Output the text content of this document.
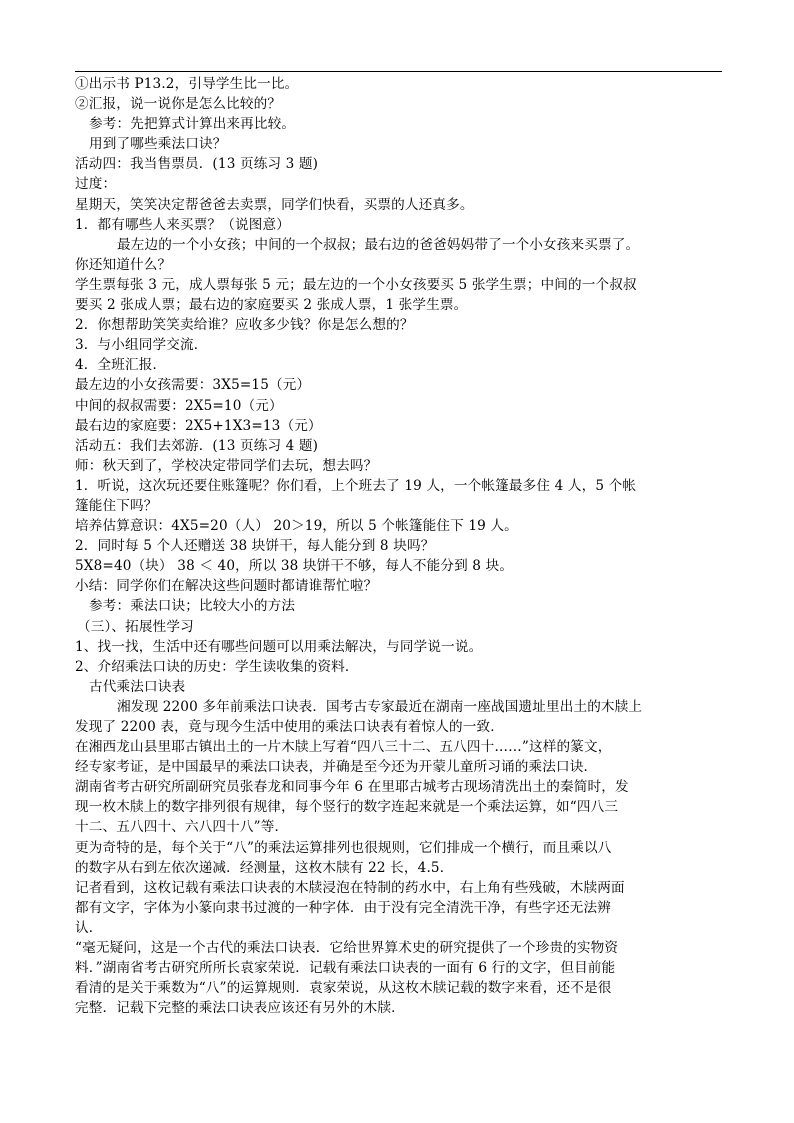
①出示书 P13.2，引导学生比一比。
②汇报，说一说你是怎么比较的？
参考：先把算式计算出来再比较。
用到了哪些乘法口诀？
活动四：我当售票员．(13 页练习 3 题)
过度：
星期天，笑笑决定帮爸爸去卖票，同学们快看，买票的人还真多。
1．都有哪些人来买票？（说图意）
最左边的一个小女孩；中间的一个叔叔；最右边的爸爸妈妈带了一个小女孩来买票了。
你还知道什么？
学生票每张 3 元，成人票每张 5 元；最左边的一个小女孩要买 5 张学生票；中间的一个叔叔
要买 2 张成人票；最右边的家庭要买 2 张成人票，1 张学生票。
2．你想帮助笑笑卖给谁？应收多少钱？你是怎么想的？
3．与小组同学交流．
4．全班汇报．
最左边的小女孩需要：3X5=15（元）
中间的叔叔需要：2X5=10（元）
最右边的家庭要：2X5+1X3=13（元）
活动五：我们去郊游．(13 页练习 4 题)
师：秋天到了，学校决定带同学们去玩，想去吗？
1．听说，这次玩还要住账篷呢？你们看，上个班去了 19 人，一个帐篷最多住 4 人，5 个帐
篷能住下吗？
培养估算意识：4X5=20（人） 20＞19，所以 5 个帐篷能住下 19 人。
2．同时每 5 个人还赠送 38 块饼干，每人能分到 8 块吗？
5X8=40（块） 38 ＜ 40，所以 38 块饼干不够，每人不能分到 8 块。
小结：同学你们在解决这些问题时都请谁帮忙啦？
参考：乘法口诀；比较大小的方法
（三）、拓展性学习
1、找一找，生活中还有哪些问题可以用乘法解决，与同学说一说。
2、介绍乘法口诀的历史：学生读收集的资料．
古代乘法口诀表
湘发现 2200 多年前乘法口诀表．国考古专家最近在湖南一座战国遗址里出土的木牍上
发现了 2200 表，竟与现今生活中使用的乘法口诀表有着惊人的一致．
在湘西龙山县里耶古镇出土的一片木牍上写着“四八三十二、五八四十……”这样的篆文，
经专家考证，是中国最早的乘法口诀表，并确是至今还为开蒙儿童所习诵的乘法口诀．
湖南省考古研究所副研究员张春龙和同事今年 6 在里耶古城考古现场清洗出土的秦简时，发
现一枚木牍上的数字排列很有规律，每个竖行的数字连起来就是一个乘法运算，如“四八三
十二、五八四十、六八四十八”等．
更为奇特的是，每个关于“八”的乘法运算排列也很规则，它们排成一个横行，而且乘以八
的数字从右到左依次递减．经测量，这枚木牍有 22 长，4.5．
记者看到，这枚记载有乘法口诀表的木牍浸泡在特制的药水中，右上角有些残破，木牍两面
都有文字，字体为小篆向隶书过渡的一种字体．由于没有完全清洗干净，有些字还无法辨
认．
“毫无疑问，这是一个古代的乘法口诀表．它给世界算术史的研究提供了一个珍贵的实物资
料．”湖南省考古研究所所长袁家荣说．记载有乘法口诀表的一面有 6 行的文字，但目前能
看清的是关于乘数为“八”的运算规则．袁家荣说，从这枚木牍记载的数字来看，还不是很
完整．记载下完整的乘法口诀表应该还有另外的木牍．
